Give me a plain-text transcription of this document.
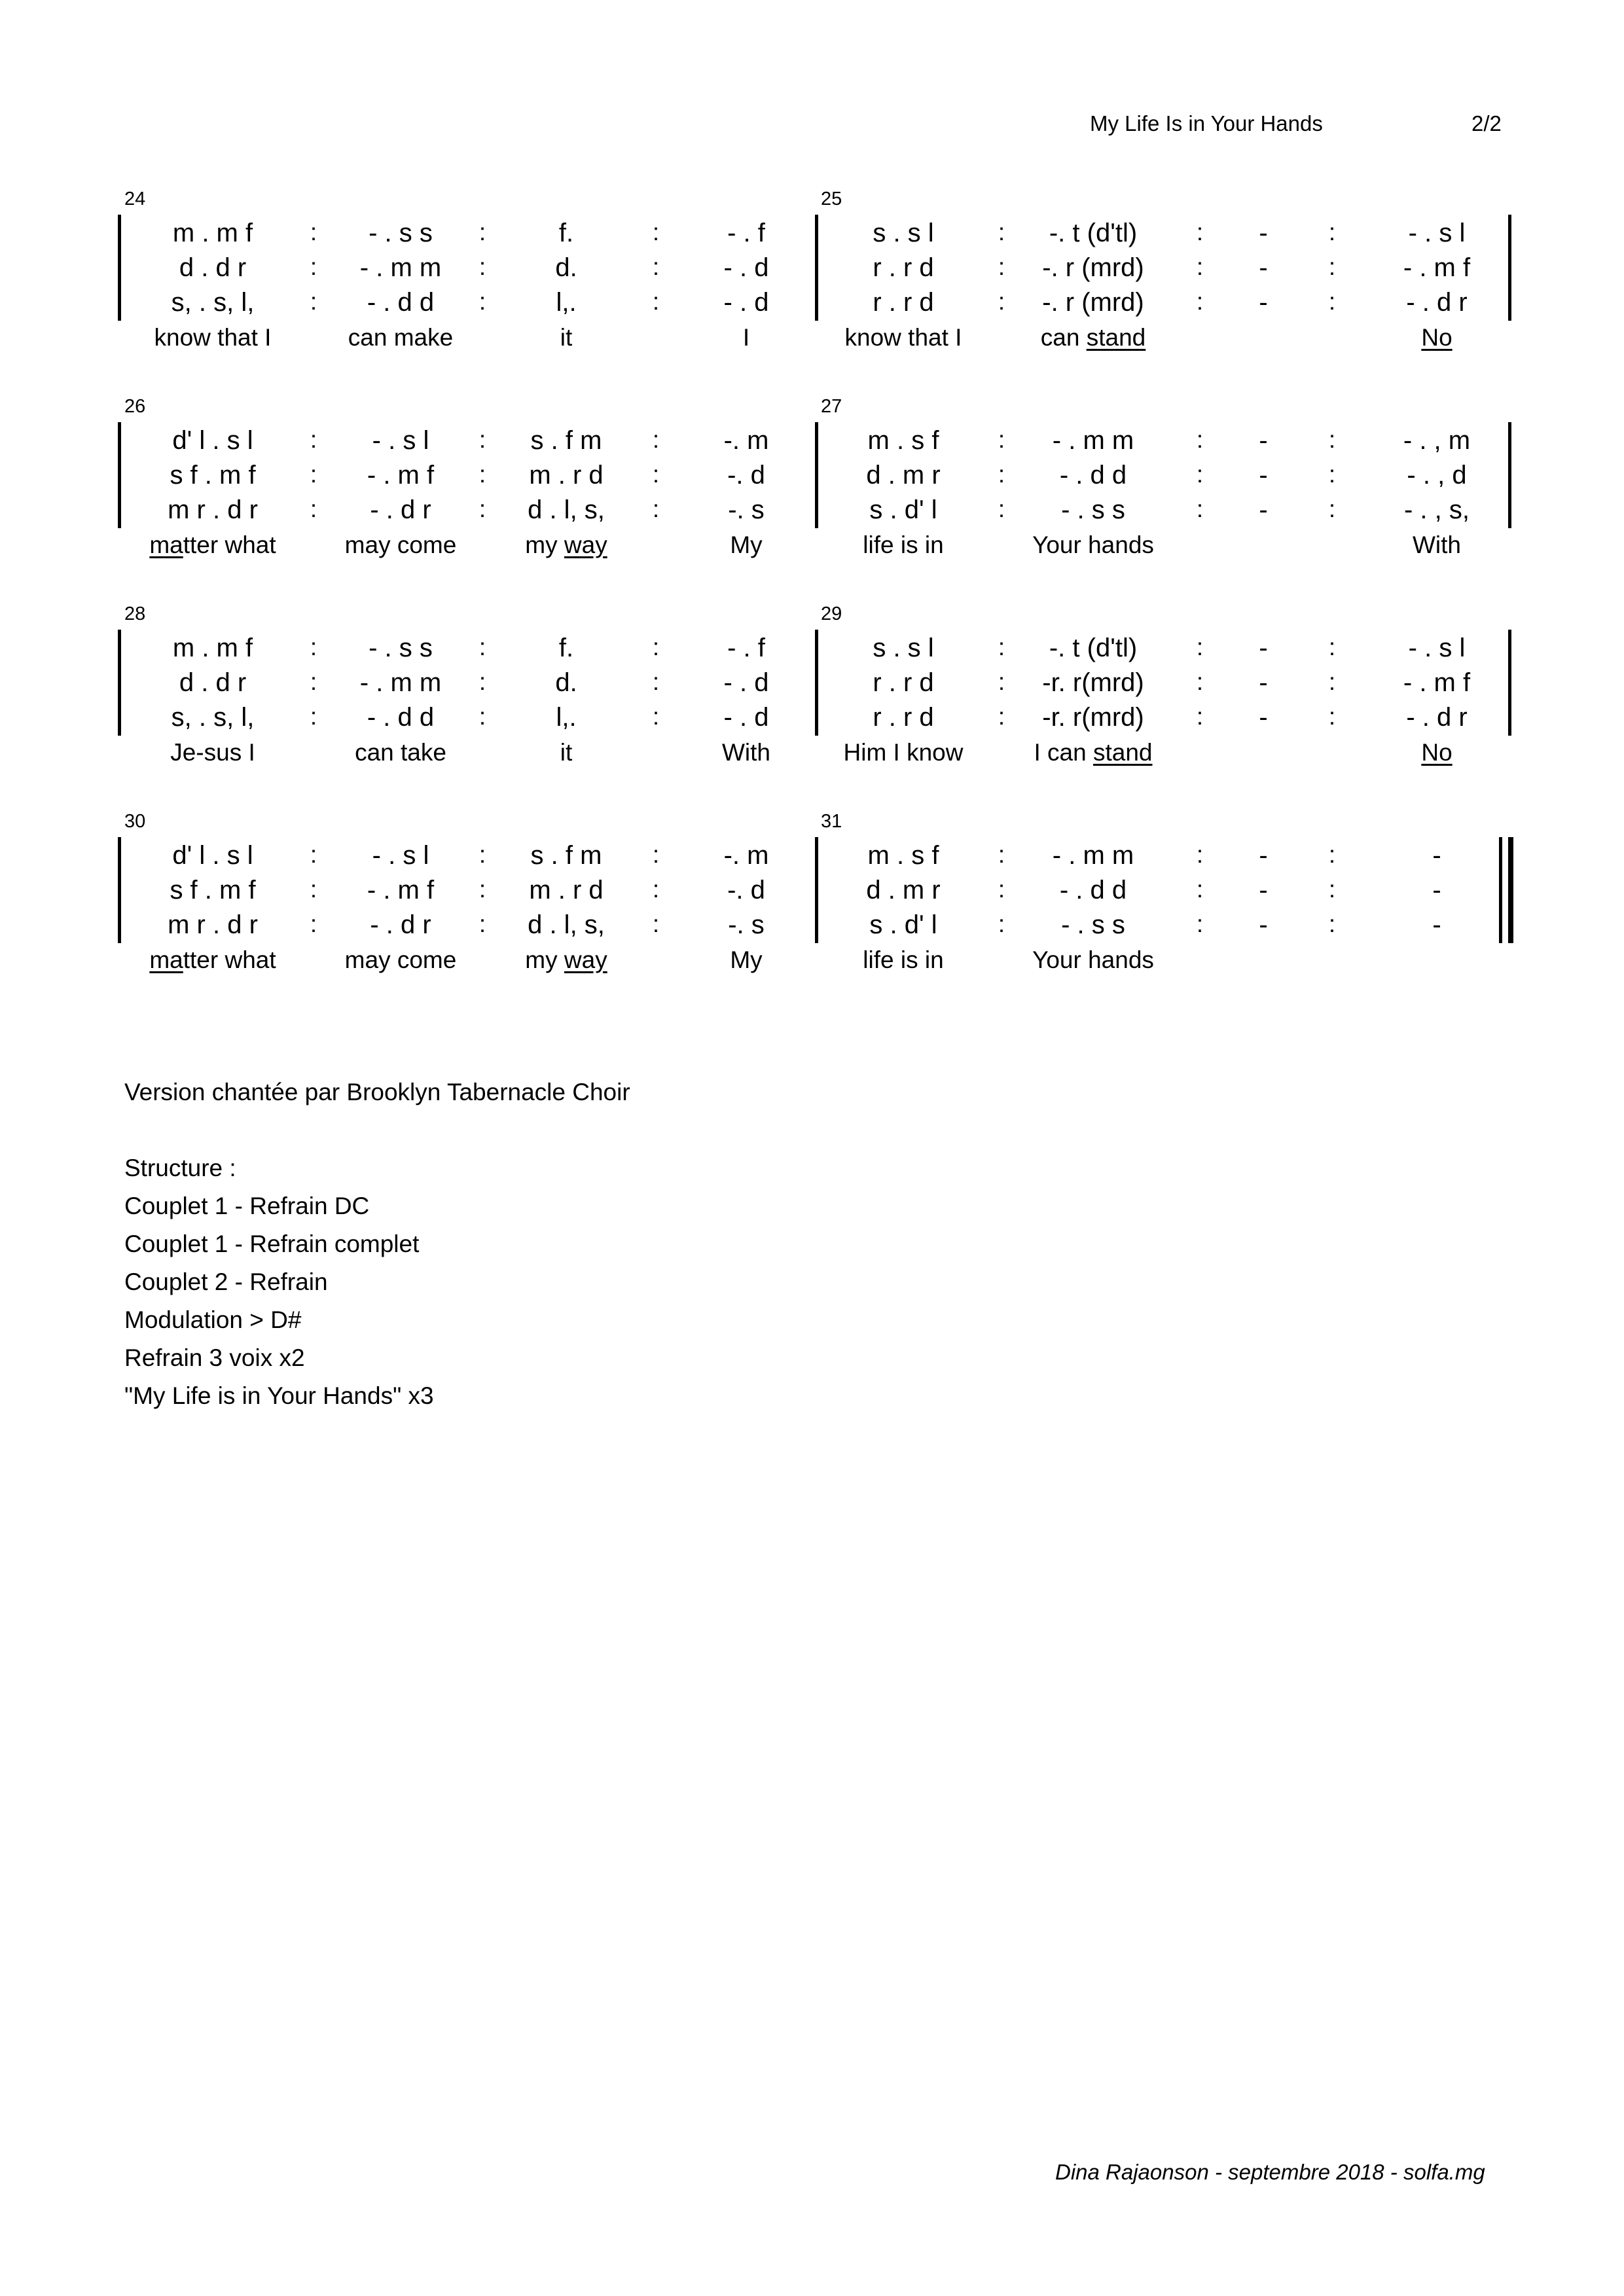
My Life Is in Your Hands	2/2
24
m . m f : - . s s :	f.	:	- . f
d . d r	: - . m m :	d.	: - . d
s, . s, l, : - . d d :	l,.	: - . d
know that I	can make	it	I
25
s . s l	: -. t (d'tl) : -	:	- . s l
r . r d	: -. r (mrd) : -	:	- . m f
r . r d	: -. r (mrd) : -	:	- . d r
know that I	can stand	No
26
d' l . s l : - . s l : s . f m : -. m
s f . m f : - . m f : m . r d :	-. d
m r . d r : - . d r : d . l, s, :	-. s
matter what	may come	my way	My
27
m . s f : - . m m	: -	:	- . , m
d . m r : - . d d	: -	:	- . , d
s . d' l	: - . s s	: -	:	- . , s,
life is in	Your hands	With
28
m . m f : - . s s :	f.	:	- . f
d . d r	: - . m m :	d.	: - . d
s, . s, l, : - . d d :	l,.	: - . d
Je-sus I	can take	it	With
29
s . s l	: -. t (d'tl) : -	:	- . s l
r . r d	: -r. r(mrd) : -	:	- . m f
r . r d	: -r. r(mrd) : -	:	- . d r
Him I know	I can stand	No
30
d' l . s l : - . s l : s . f m : -. m
s f . m f : - . m f : m . r d :	-. d
m r . d r : - . d r : d . l, s, :	-. s
matter what	may come	my way	My
31
m . s f : - . m m	: -	:	-
d . m r : - . d d	: -	:	-
s . d' l	: - . s s	: -	:	-
life is in	Your hands
Version chantée par Brooklyn Tabernacle Choir
Structure :
Couplet 1 - Refrain DC
Couplet 1 - Refrain complet
Couplet 2 - Refrain
Modulation > D#
Refrain 3 voix x2
"My Life is in Your Hands" x3
Dina Rajaonson - septembre 2018 - solfa.mg
